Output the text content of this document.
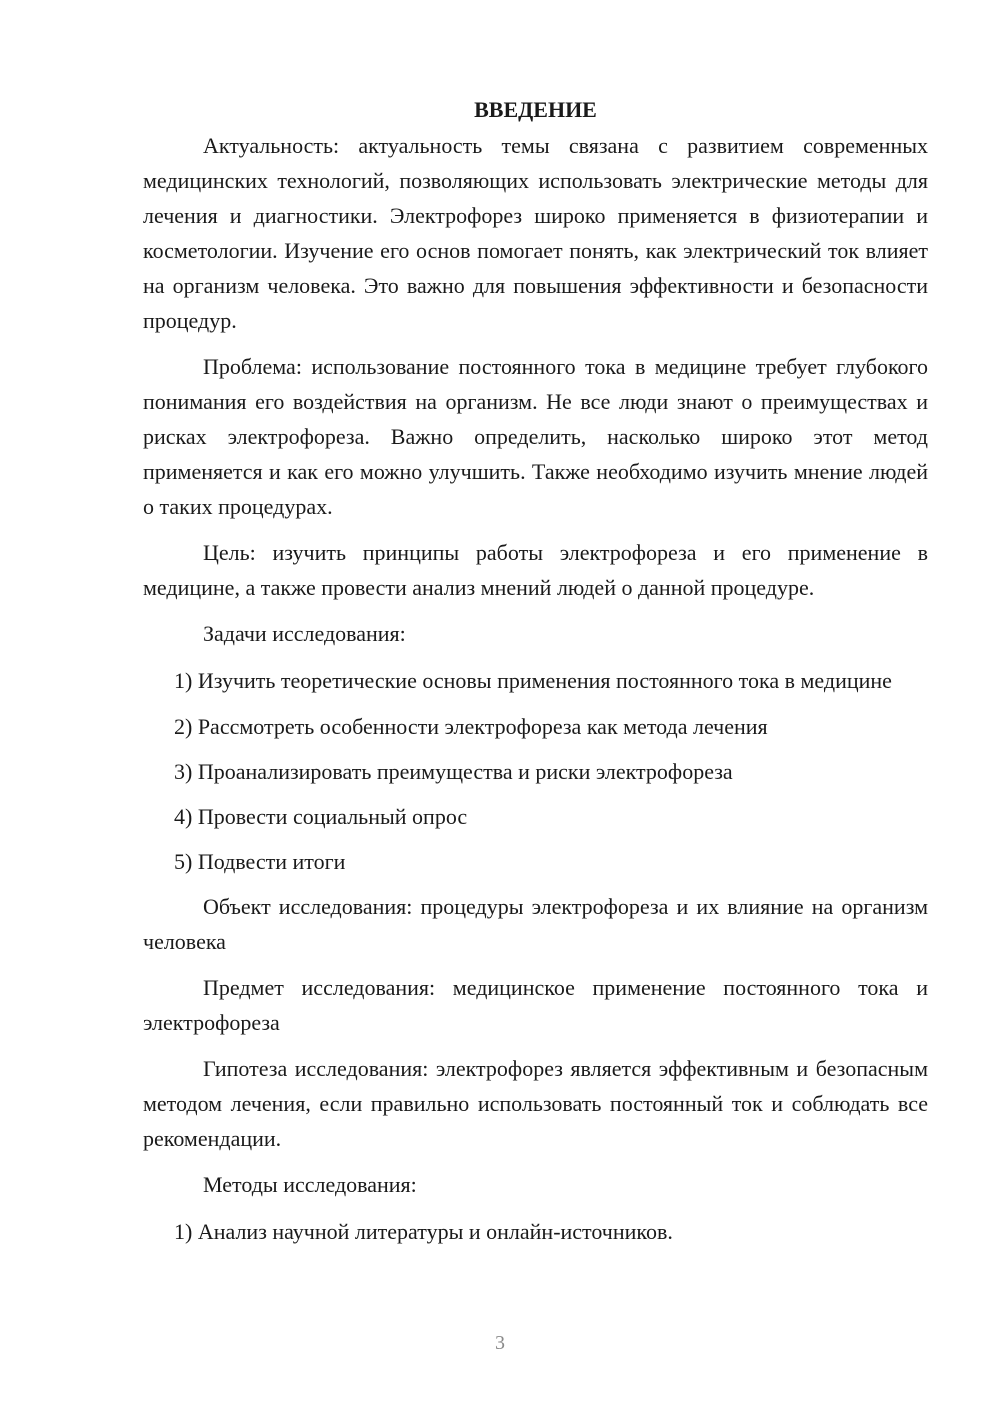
ВВЕДЕНИЕ

Актуальность: актуальность темы связана с развитием современных медицинских технологий, позволяющих использовать электрические методы для лечения и диагностики. Электрофорез широко применяется в физиотерапии и косметологии. Изучение его основ помогает понять, как электрический ток влияет на организм человека. Это важно для повышения эффективности и безопасности процедур.

Проблема: использование постоянного тока в медицине требует глубокого понимания его воздействия на организм. Не все люди знают о преимуществах и рисках электрофореза. Важно определить, насколько широко этот метод применяется и как его можно улучшить. Также необходимо изучить мнение людей о таких процедурах.

Цель: изучить принципы работы электрофореза и его применение в медицине, а также провести анализ мнений людей о данной процедуре.

Задачи исследования:

1) Изучить теоретические основы применения постоянного тока в медицине

2) Рассмотреть особенности электрофореза как метода лечения

3) Проанализировать преимущества и риски электрофореза

4) Провести социальный опрос

5) Подвести итоги

Объект исследования: процедуры электрофореза и их влияние на организм человека

Предмет исследования: медицинское применение постоянного тока и электрофореза

Гипотеза исследования: электрофорез является эффективным и безопасным методом лечения, если правильно использовать постоянный ток и соблюдать все рекомендации.

Методы исследования:

1) Анализ научной литературы и онлайн-источников.

3
